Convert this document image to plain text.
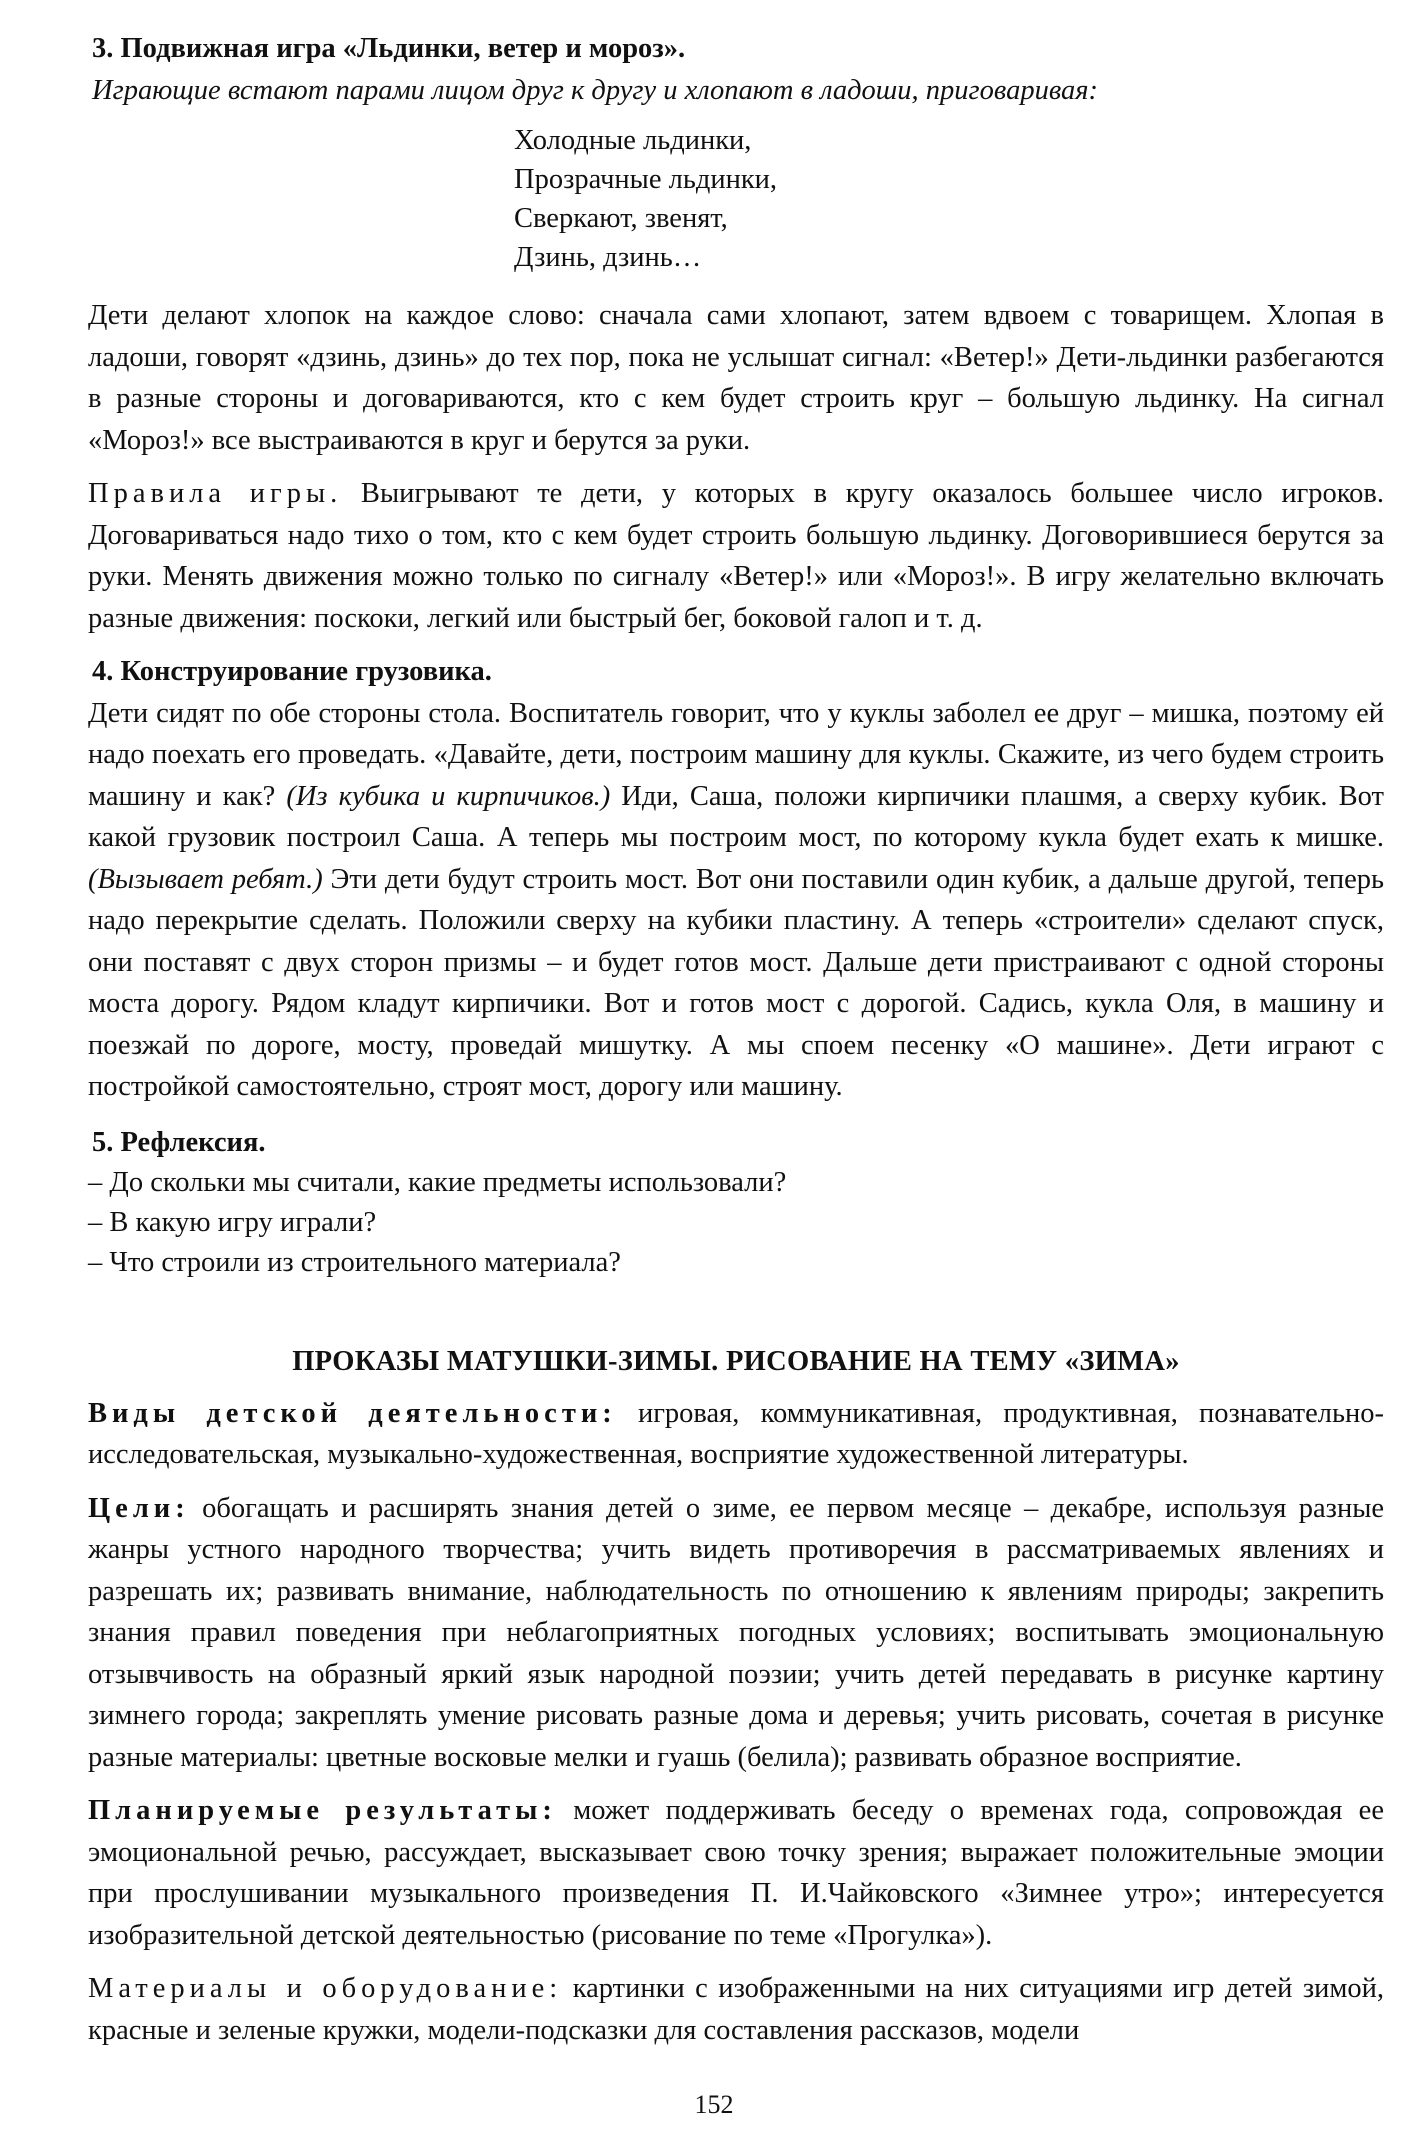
3. Подвижная игра «Льдинки, ветер и мороз».
Играющие встают парами лицом друг к другу и хлопают в ладоши, приговаривая:
Холодные льдинки,
Прозрачные льдинки,
Сверкают, звенят,
Дзинь, дзинь…

Дети делают хлопок на каждое слово: сначала сами хлопают, затем вдвоем с товарищем. Хлопая в ладоши, говорят «дзинь, дзинь» до тех пор, пока не услышат сигнал: «Ветер!» Дети-льдинки разбегаются в разные стороны и договариваются, кто с кем будет строить круг – большую льдинку. На сигнал «Мороз!» все выстраиваются в круг и берутся за руки.

Правила игры. Выигрывают те дети, у которых в кругу оказалось большее число игроков. Договариваться надо тихо о том, кто с кем будет строить большую льдинку. Договорившиеся берутся за руки. Менять движения можно только по сигналу «Ветер!» или «Мороз!». В игру желательно включать разные движения: поскоки, легкий или быстрый бег, боковой галоп и т. д.

4. Конструирование грузовика.

Дети сидят по обе стороны стола. Воспитатель говорит, что у куклы заболел ее друг – мишка, поэтому ей надо поехать его проведать. «Давайте, дети, построим машину для куклы. Скажите, из чего будем строить машину и как? (Из кубика и кирпичиков.) Иди, Саша, положи кирпичики плашмя, а сверху кубик. Вот какой грузовик построил Саша. А теперь мы построим мост, по которому кукла будет ехать к мишке. (Вызывает ребят.) Эти дети будут строить мост. Вот они поставили один кубик, а дальше другой, теперь надо перекрытие сделать. Положили сверху на кубики пластину. А теперь «строители» сделают спуск, они поставят с двух сторон призмы – и будет готов мост. Дальше дети пристраивают с одной стороны моста дорогу. Рядом кладут кирпичики. Вот и готов мост с дорогой. Садись, кукла Оля, в машину и поезжай по дороге, мосту, проведай мишутку. А мы споем песенку «О машине». Дети играют с постройкой самостоятельно, строят мост, дорогу или машину.

5. Рефлексия.
– До скольки мы считали, какие предметы использовали?
– В какую игру играли?
– Что строили из строительного материала?
ПРОКАЗЫ МАТУШКИ-ЗИМЫ. РИСОВАНИЕ НА ТЕМУ «ЗИМА»

Виды детской деятельности: игровая, коммуникативная, продуктивная, познавательно-исследовательская, музыкально-художественная, восприятие художественной литературы.

Цели: обогащать и расширять знания детей о зиме, ее первом месяце – декабре, используя разные жанры устного народного творчества; учить видеть противоречия в рассматриваемых явлениях и разрешать их; развивать внимание, наблюдательность по отношению к явлениям природы; закрепить знания правил поведения при неблагоприятных погодных условиях; воспитывать эмоциональную отзывчивость на образный яркий язык народной поэзии; учить детей передавать в рисунке картину зимнего города; закреплять умение рисовать разные дома и деревья; учить рисовать, сочетая в рисунке разные материалы: цветные восковые мелки и гуашь (белила); развивать образное восприятие.

Планируемые результаты: может поддерживать беседу о временах года, сопровождая ее эмоциональной речью, рассуждает, высказывает свою точку зрения; выражает положительные эмоции при прослушивании музыкального произведения П. И.Чайковского «Зимнее утро»; интересуется изобразительной детской деятельностью (рисование по теме «Прогулка»).

Материалы и оборудование: картинки с изображенными на них ситуациями игр детей зимой, красные и зеленые кружки, модели-подсказки для составления рассказов, модели

152
